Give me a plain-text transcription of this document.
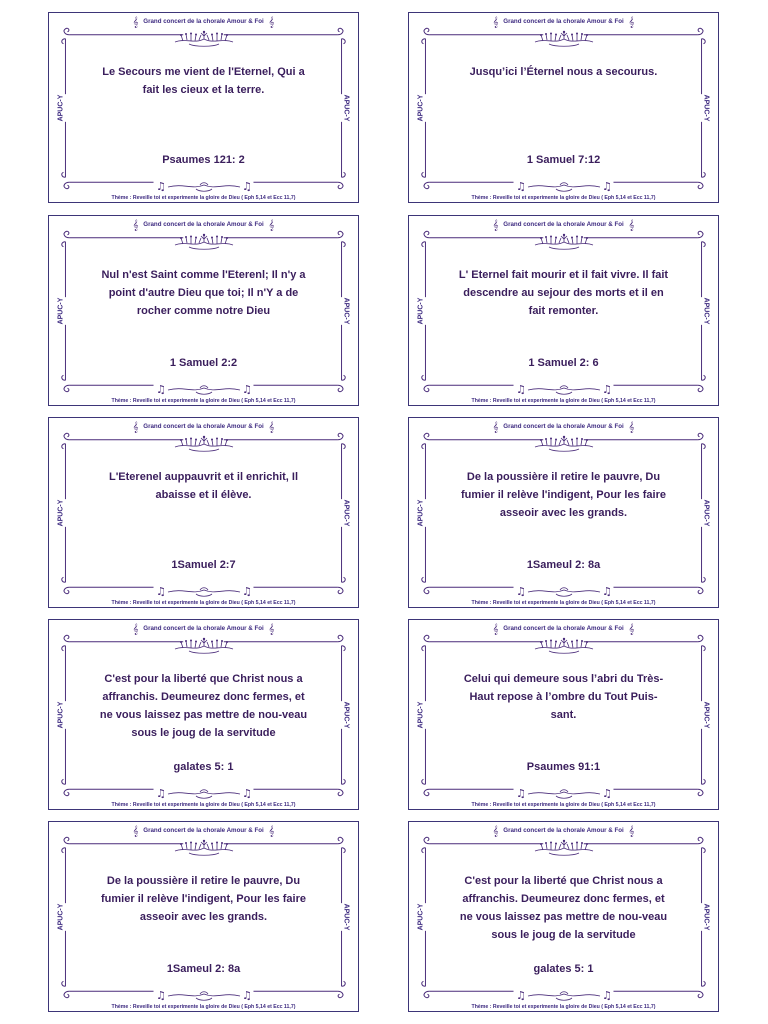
𝄞 Grand concert de la chorale Amour & Foi 𝄞
APUC-Y	APUC-Y
Le Secours me vient de l'Eternel, Qui a fait les cieux et la terre.
Psaumes 121: 2
Thème : Reveille toi et experimente la gloire de Dieu ( Eph 5,14 et Ecc 11,7)
𝄞 Grand concert de la chorale Amour & Foi 𝄞
APUC-Y	APUC-Y
Jusqu’ici l’Éternel nous a secourus.
1 Samuel 7:12
Thème : Reveille toi et experimente la gloire de Dieu ( Eph 5,14 et Ecc 11,7)
𝄞 Grand concert de la chorale Amour & Foi 𝄞
APUC-Y	APUC-Y
Nul n'est Saint comme l'Eterenl; Il n'y a point d'autre Dieu que toi; Il n'Y a de rocher comme notre Dieu
1 Samuel 2:2
Thème : Reveille toi et experimente la gloire de Dieu ( Eph 5,14 et Ecc 11,7)
𝄞 Grand concert de la chorale Amour & Foi 𝄞
APUC-Y	APUC-Y
L' Eternel fait mourir et il fait vivre. Il fait descendre au sejour des morts et il en fait remonter.
1 Samuel 2: 6
Thème : Reveille toi et experimente la gloire de Dieu ( Eph 5,14 et Ecc 11,7)
𝄞 Grand concert de la chorale Amour & Foi 𝄞
APUC-Y	APUC-Y
L'Eterenel auppauvrit et il enrichit, Il abaisse et il élève.
1Samuel 2:7
Thème : Reveille toi et experimente la gloire de Dieu ( Eph 5,14 et Ecc 11,7)
𝄞 Grand concert de la chorale Amour & Foi 𝄞
APUC-Y	APUC-Y
De la poussière il retire le pauvre, Du fumier il relève l'indigent, Pour les faire asseoir avec les grands.
1Sameul 2: 8a
Thème : Reveille toi et experimente la gloire de Dieu ( Eph 5,14 et Ecc 11,7)
𝄞 Grand concert de la chorale Amour & Foi 𝄞
APUC-Y	APUC-Y
C'est pour la liberté que Christ nous a affranchis. Deumeurez donc fermes, et ne vous laissez pas mettre de nou-veau sous le joug de la servitude
galates 5: 1
Thème : Reveille toi et experimente la gloire de Dieu ( Eph 5,14 et Ecc 11,7)
𝄞 Grand concert de la chorale Amour & Foi 𝄞
APUC-Y	APUC-Y
Celui qui demeure sous l’abri du Très-Haut repose à l’ombre du Tout Puis-sant.
Psaumes 91:1
Thème : Reveille toi et experimente la gloire de Dieu ( Eph 5,14 et Ecc 11,7)
𝄞 Grand concert de la chorale Amour & Foi 𝄞
APUC-Y	APUC-Y
De la poussière il retire le pauvre, Du fumier il relève l'indigent, Pour les faire asseoir avec les grands.
1Sameul 2: 8a
Thème : Reveille toi et experimente la gloire de Dieu ( Eph 5,14 et Ecc 11,7)
𝄞 Grand concert de la chorale Amour & Foi 𝄞
APUC-Y	APUC-Y
C'est pour la liberté que Christ nous a affranchis. Deumeurez donc fermes, et ne vous laissez pas mettre de nou-veau sous le joug de la servitude
galates 5: 1
Thème : Reveille toi et experimente la gloire de Dieu ( Eph 5,14 et Ecc 11,7)
